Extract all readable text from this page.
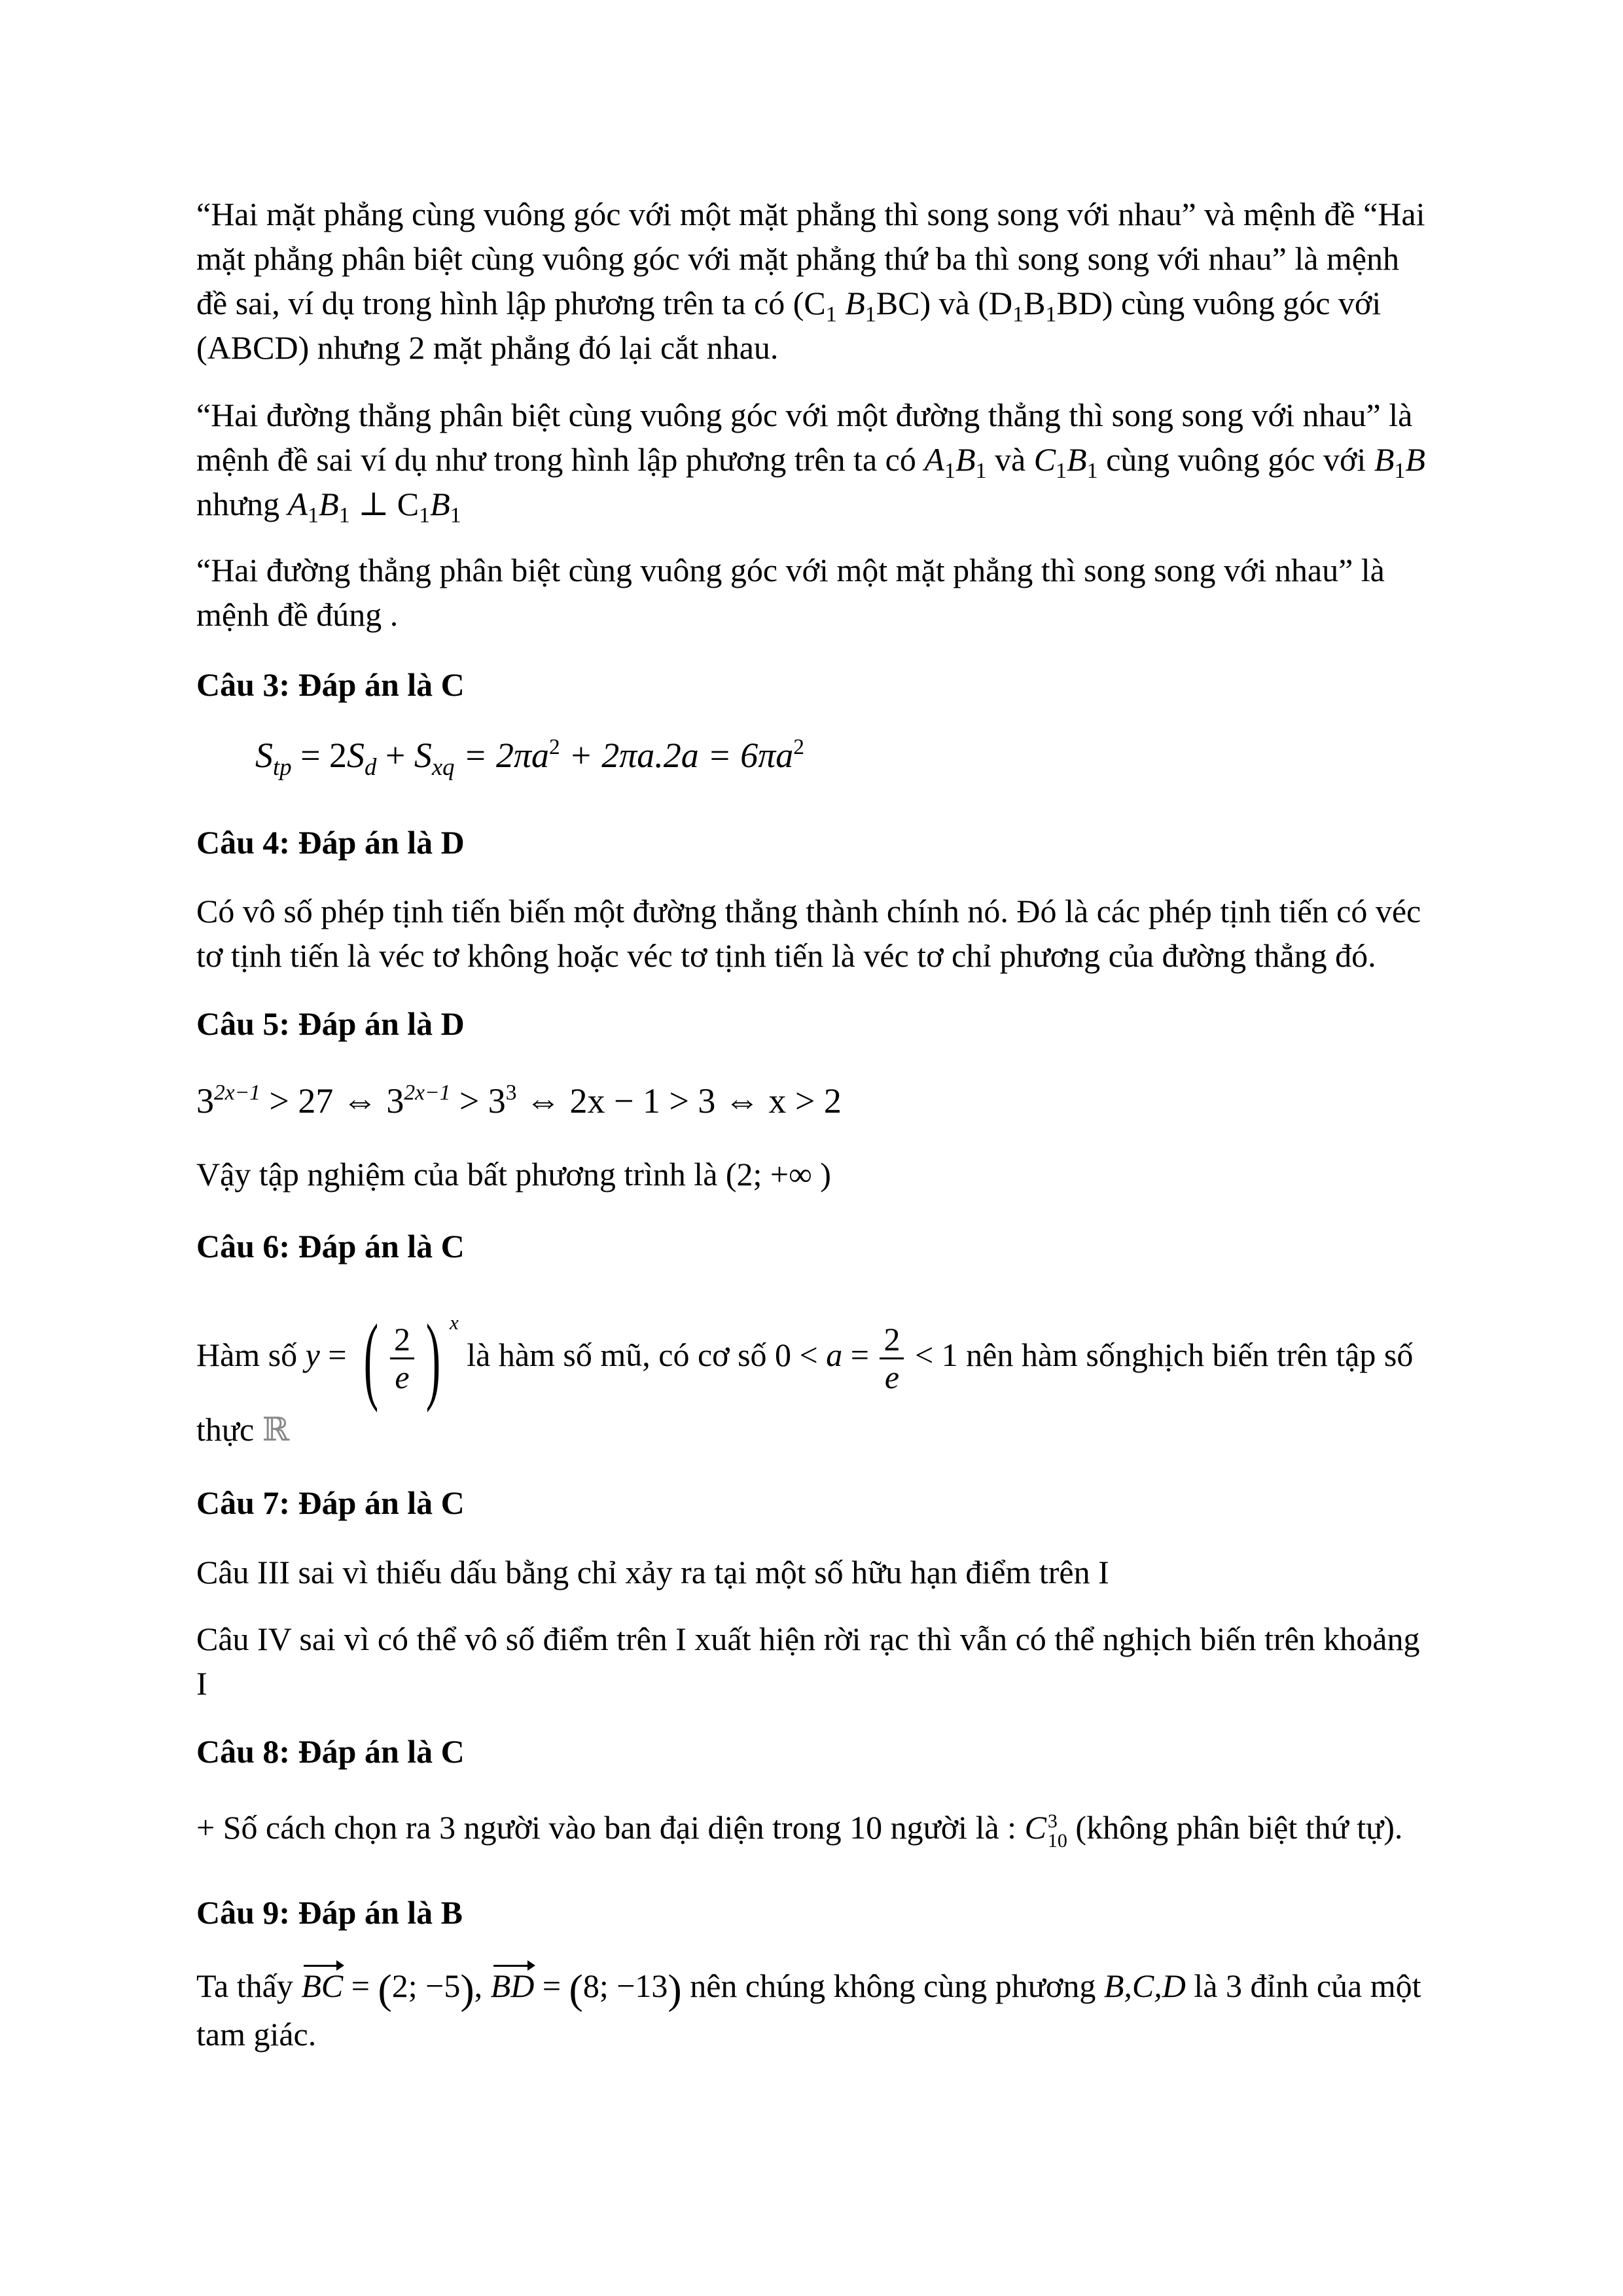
“Hai mặt phẳng cùng vuông góc với một mặt phẳng thì song song với nhau” và mệnh đề “Hai mặt phẳng phân biệt cùng vuông góc với mặt phẳng thứ ba thì song song với nhau” là mệnh đề sai, ví dụ trong hình lập phương trên ta có ($C_1$ $B_1BC$) và $(D_1B_1BD)$ cùng vuông góc với (ABCD) nhưng 2 mặt phẳng đó lại cắt nhau.

“Hai đường thẳng phân biệt cùng vuông góc với một đường thẳng thì song song với nhau” là mệnh đề sai ví dụ như trong hình lập phương trên ta có $A_1B_1$ và $C_1B_1$ cùng vuông góc với $B_1B$
nhưng $A_1B_1$ ⊥ $C_1B_1$

“Hai đường thẳng phân biệt cùng vuông góc với một mặt phẳng thì song song với nhau” là mệnh đề đúng .

Câu 3: Đáp án là C

$S_{tp} = 2S_d + S_{xq} = 2\pi a^2 + 2\pi a.2a = 6\pi a^2$

Câu 4: Đáp án là D

Có vô số phép tịnh tiến biến một đường thẳng thành chính nó. Đó là các phép tịnh tiến có véc tơ tịnh tiến là véc tơ không hoặc véc tơ tịnh tiến là véc tơ chỉ phương của đường thẳng đó.

Câu 5: Đáp án là D

$3^{2x-1} > 27$ ⇔ $3^{2x-1} > 3^3$ ⇔ 2x − 1 > 3 ⇔ x > 2

Vậy tập nghiệm của bất phương trình là (2; +∞ )

Câu 6: Đáp án là C

Hàm số y = ( $\frac{2}{e}$ ) $^x$ là hàm số mũ, có cơ số $0 < a = \frac{2}{e} < 1$ nên hàm sốnghịch biến trên tập số

thực ℝ

Câu 7: Đáp án là C

Câu III sai vì thiếu dấu bằng chỉ xảy ra tại một số hữu hạn điểm trên I

Câu IV sai vì có thể vô số điểm trên I xuất hiện rời rạc thì vẫn có thể nghịch biến trên khoảng I

Câu 8: Đáp án là C

+ Số cách chọn ra 3 người vào ban đại diện trong 10 người là : C 3
10 (không phân biệt thứ tự).

Câu 9: Đáp án là B

Ta thấy BC = (2; −5), BD = (8; −13) nên chúng không cùng phương B,C,D là 3 đỉnh của một tam giác.
